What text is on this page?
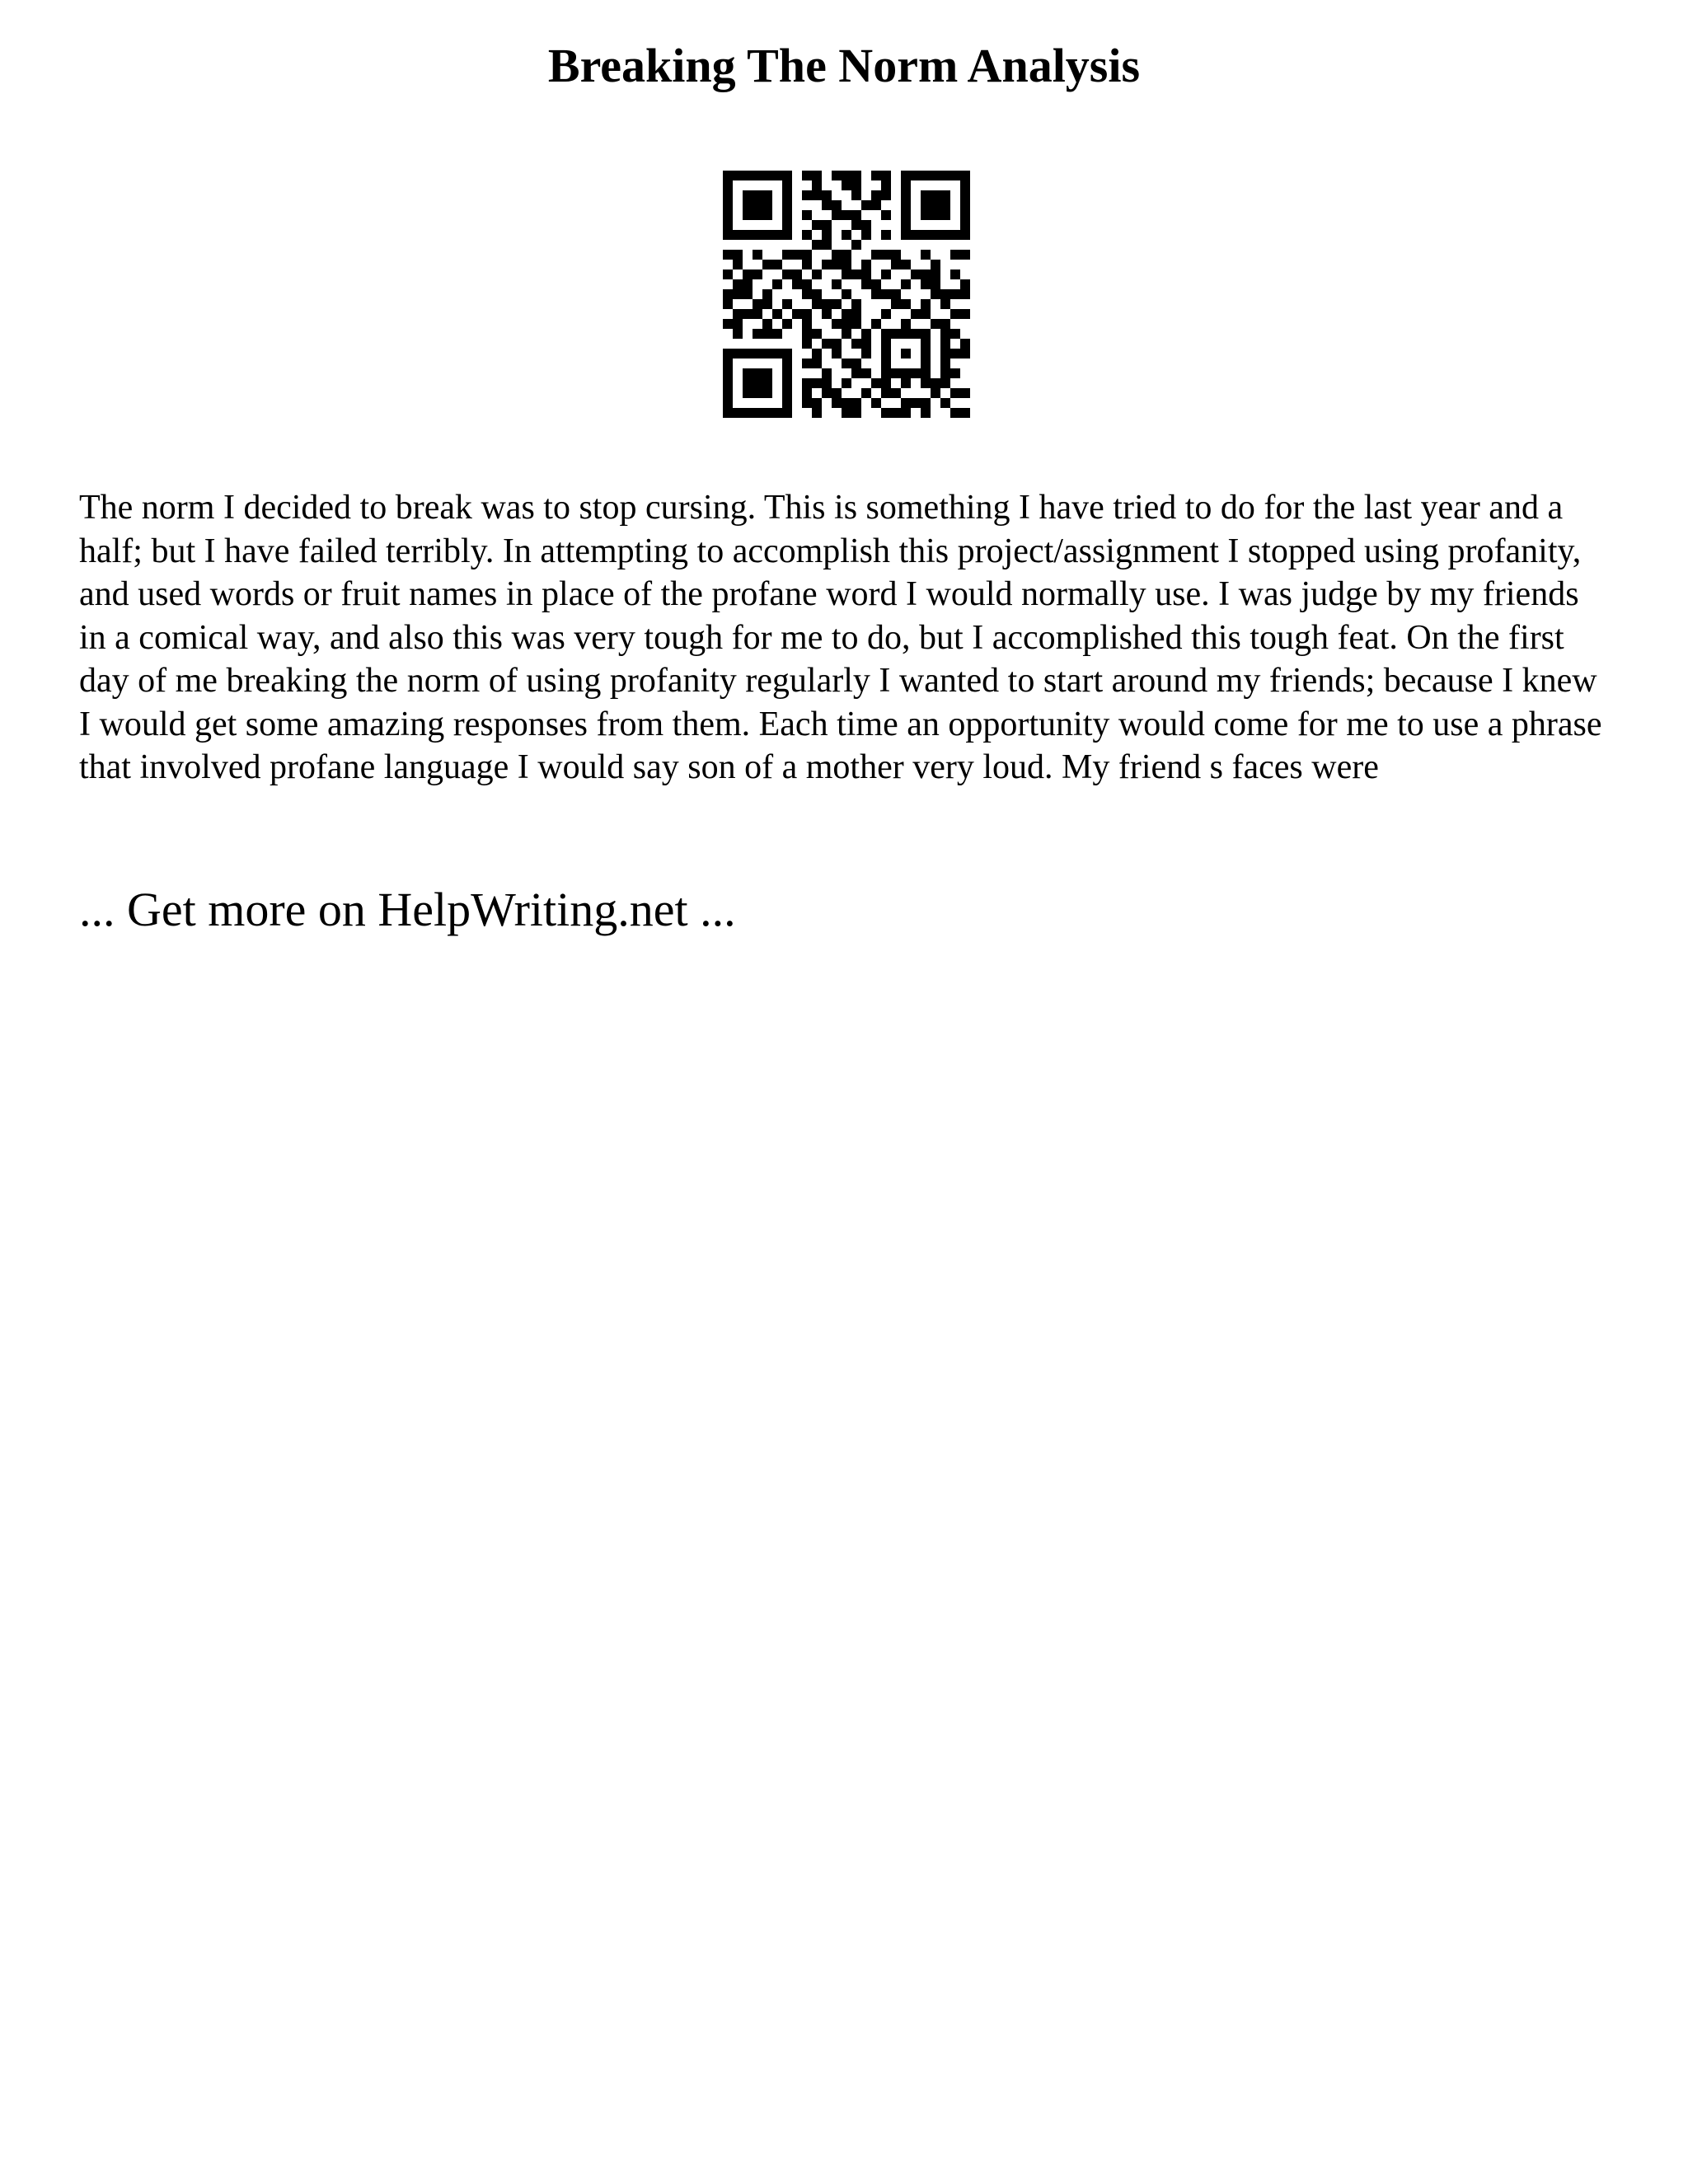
Breaking The Norm Analysis

The norm I decided to break was to stop cursing. This is something I have tried to do for the last year and a half; but I have failed terribly. In attempting to accomplish this project/assignment I stopped using profanity, and used words or fruit names in place of the profane word I would normally use. I was judge by my friends in a comical way, and also this was very tough for me to do, but I accomplished this tough feat. On the first day of me breaking the norm of using profanity regularly I wanted to start around my friends; because I knew I would get some amazing responses from them. Each time an opportunity would come for me to use a phrase that involved profane language I would say son of a mother very loud. My friend s faces were

... Get more on HelpWriting.net ...
